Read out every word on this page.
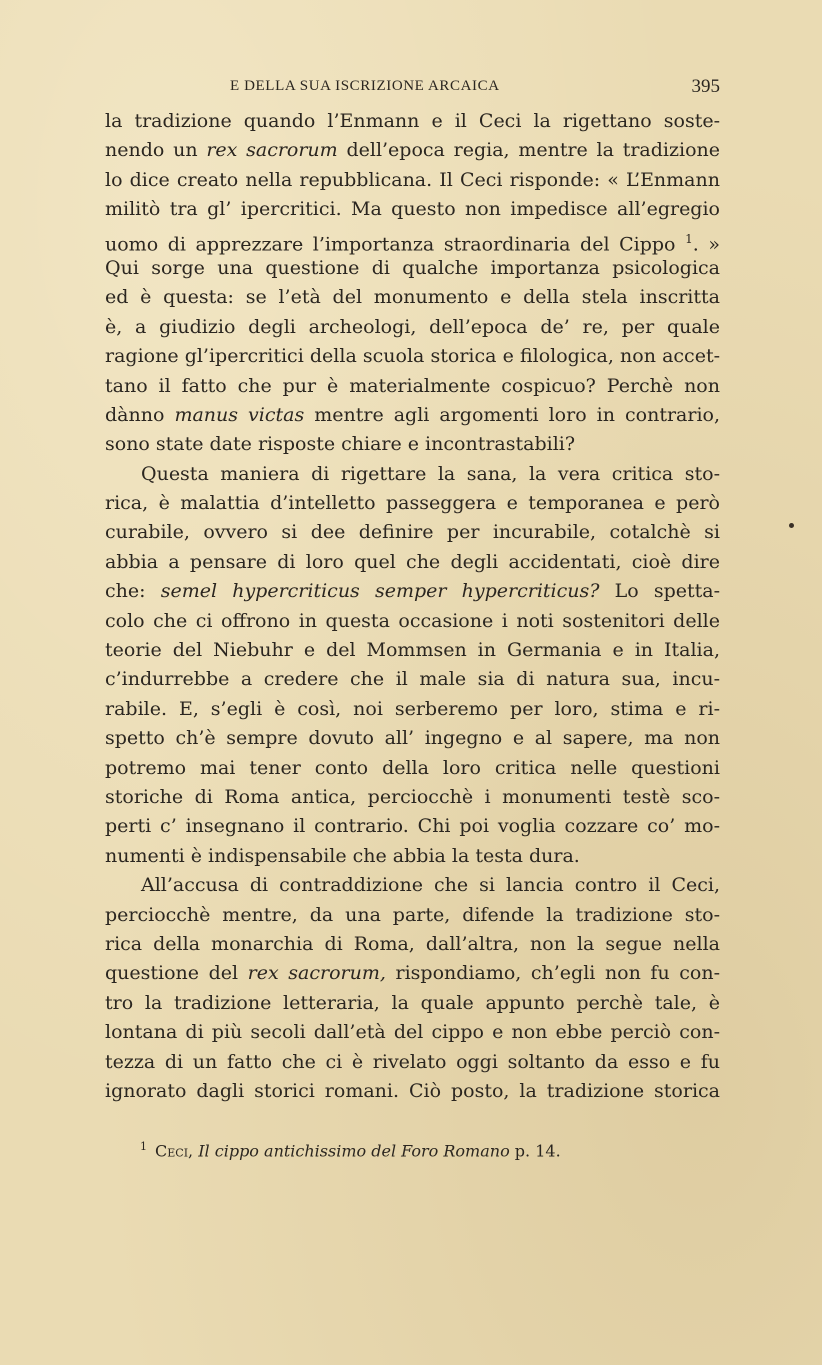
E DELLA SUA ISCRIZIONE ARCAICA	395
la tradizione quando l’Enmann e il Ceci la rigettano soste-
nendo un rex sacrorum dell’epoca regia, mentre la tradizione
lo dice creato nella repubblicana. Il Ceci risponde: « L’Enmann
militò tra gl’ ipercritici. Ma questo non impedisce all’egregio
uomo di apprezzare l’importanza straordinaria del Cippo $^1$. »
Qui sorge una questione di qualche importanza psicologica
ed è questa: se l’età del monumento e della stela inscritta
è, a giudizio degli archeologi, dell’epoca de’ re, per quale
ragione gl’ipercritici della scuola storica e filologica, non accet-
tano il fatto che pur è materialmente cospicuo? Perchè non
dànno manus victas mentre agli argomenti loro in contrario,
sono state date risposte chiare e incontrastabili?
Questa maniera di rigettare la sana, la vera critica sto-
rica, è malattia d’intelletto passeggera e temporanea e però
curabile, ovvero si dee definire per incurabile, cotalchè si
abbia a pensare di loro quel che degli accidentati, cioè dire
che: semel hypercriticus semper hypercriticus? Lo spetta-
colo che ci offrono in questa occasione i noti sostenitori delle
teorie del Niebuhr e del Mommsen in Germania e in Italia,
c’indurrebbe a credere che il male sia di natura sua, incu-
rabile. E, s’egli è così, noi serberemo per loro, stima e ri-
spetto ch’è sempre dovuto all’ ingegno e al sapere, ma non
potremo mai tener conto della loro critica nelle questioni
storiche di Roma antica, perciocchè i monumenti testè sco-
perti c’ insegnano il contrario. Chi poi voglia cozzare co’ mo-
numenti è indispensabile che abbia la testa dura.
All’accusa di contraddizione che si lancia contro il Ceci,
perciocchè mentre, da una parte, difende la tradizione sto-
rica della monarchia di Roma, dall’altra, non la segue nella
questione del rex sacrorum, rispondiamo, ch’egli non fu con-
tro la tradizione letteraria, la quale appunto perchè tale, è
lontana di più secoli dall’età del cippo e non ebbe perciò con-
tezza di un fatto che ci è rivelato oggi soltanto da esso e fu
ignorato dagli storici romani. Ciò posto, la tradizione storica
$^1$ Ceci, Il cippo antichissimo del Foro Romano p. 14.
